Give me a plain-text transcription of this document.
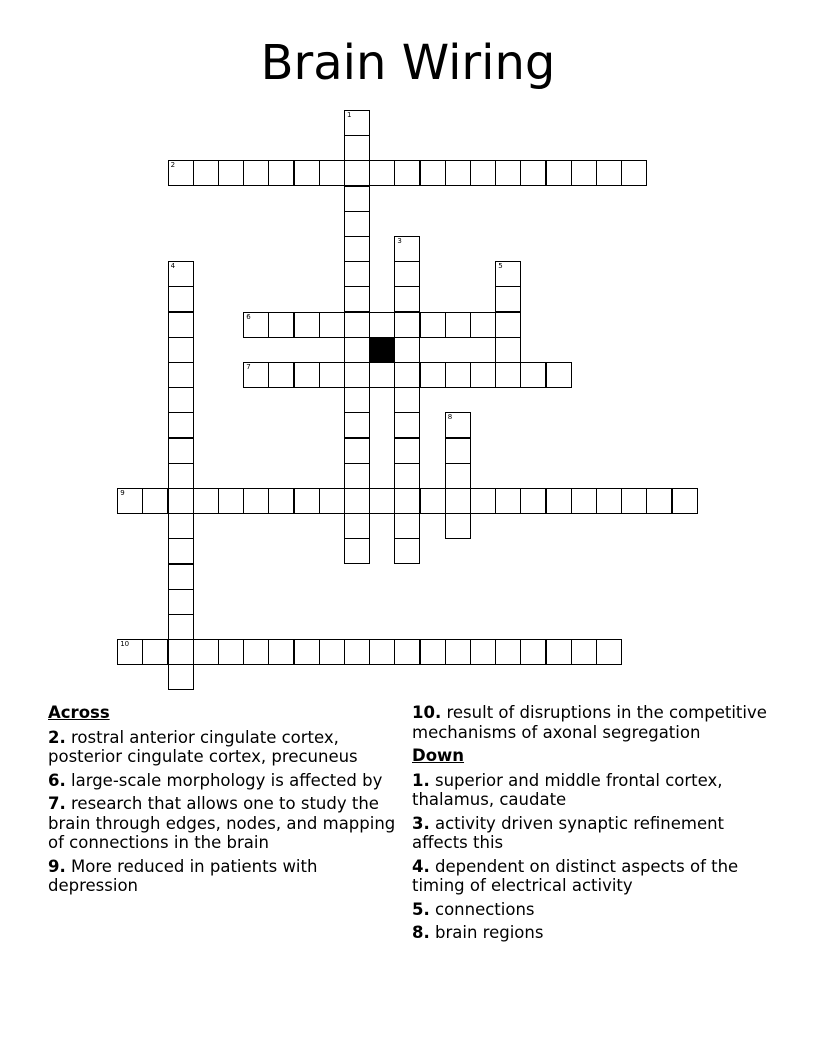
Brain Wiring
1
2
3
4	5
6
7
8
9
10
Across
2. rostral anterior cingulate cortex, posterior cingulate cortex, precuneus
6. large-scale morphology is affected by
7. research that allows one to study the brain through edges, nodes, and mapping of connections in the brain
9. More reduced in patients with depression
10. result of disruptions in the competitive mechanisms of axonal segregation
Down
1. superior and middle frontal cortex, thalamus, caudate
3. activity driven synaptic refinement affects this
4. dependent on distinct aspects of the timing of electrical activity
5. connections
8. brain regions
